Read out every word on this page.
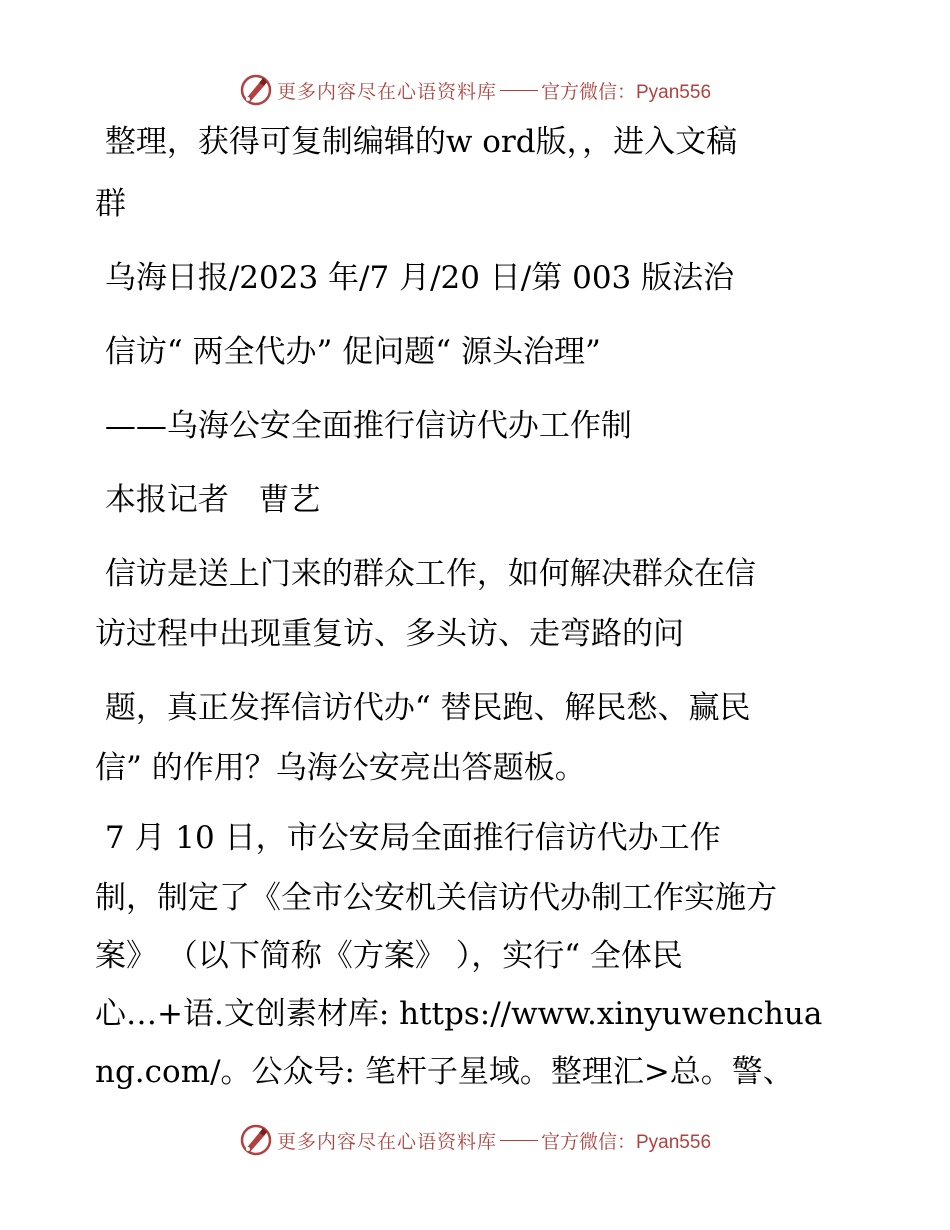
更多内容尽在心语资料库 官方微信：Pyan556
整理，获得可复制编辑的w ord版，，进入文稿
群
乌海日报/2023 年/7 月/20 日/第 003 版法治
信访“ 两全代办” 促问题“ 源头治理”
——乌海公安全面推行信访代办工作制
本报记者   曹艺
信访是送上门来的群众工作，如何解决群众在信
访过程中出现重复访、多头访、走弯路的问
题，真正发挥信访代办“ 替民跑、解民愁、赢民
信” 的作用？乌海公安亮出答题板。
7 月 10 日，市公安局全面推行信访代办工作
制，制定了《全市公安机关信访代办制工作实施方
案》 （以下简称《方案》 ），实行“ 全体民
心…+语.文创素材库: https://www.xinyuwenchua
ng.com/。公众号: 笔杆子星域。整理汇>总。警、
更多内容尽在心语资料库 官方微信：Pyan556
